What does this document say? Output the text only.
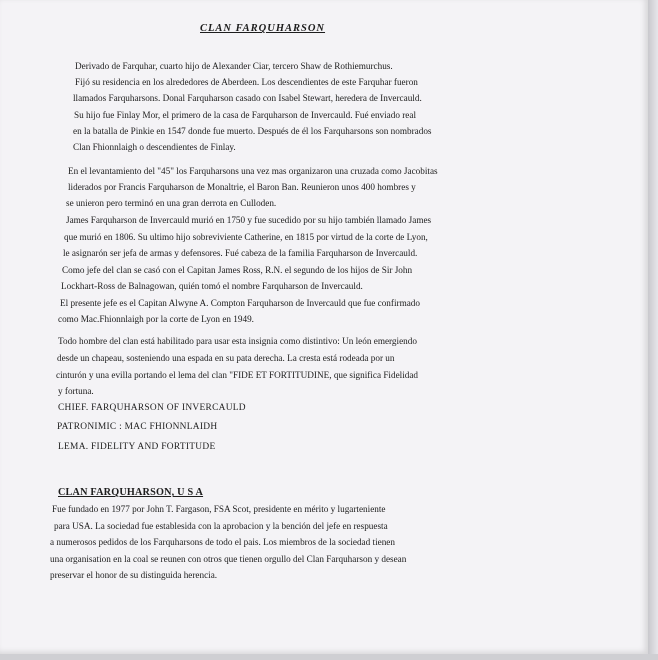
CLAN FARQUHARSON
Derivado de Farquhar, cuarto hijo de Alexander Ciar, tercero Shaw de Rothiemurchus.
Fijó su residencia en los alrededores de Aberdeen. Los descendientes de este Farquhar fueron
llamados Farquharsons. Donal Farquharson casado con Isabel Stewart, heredera de Invercauld.
Su hijo fue Finlay Mor, el primero de la casa de Farquharson de Invercauld. Fué enviado real
en la batalla de Pinkie en 1547 donde fue muerto. Después de él los Farquharsons son nombrados
Clan Fhionnlaigh o descendientes de Finlay.
En el levantamiento del "45" los Farquharsons una vez mas organizaron una cruzada como Jacobitas
liderados por Francis Farquharson de Monaltrie, el Baron Ban. Reunieron unos 400 hombres y
se unieron pero terminó en una gran derrota en Culloden.
James Farquharson de Invercauld murió en 1750 y fue sucedido por su hijo también llamado James
que murió en 1806. Su ultimo hijo sobreviviente Catherine, en 1815 por virtud de la corte de Lyon,
le asignarón ser jefa de armas y defensores. Fué cabeza de la familia Farquharson de Invercauld.
Como jefe del clan se casó con el Capitan James Ross, R.N. el segundo de los hijos de Sir John
Lockhart-Ross de Balnagowan, quién tomó el nombre Farquharson de Invercauld.
El presente jefe es el Capitan Alwyne A. Compton Farquharson de Invercauld que fue confirmado
como Mac.Fhionnlaigh por la corte de Lyon en 1949.
Todo hombre del clan está habilitado para usar esta insignia como distintivo: Un león emergiendo
desde un chapeau, sosteniendo una espada en su pata derecha. La cresta está rodeada por un
cinturón y una evilla portando el lema del clan "FIDE ET FORTITUDINE, que significa Fidelidad
y fortuna.
CHIEF. FARQUHARSON OF INVERCAULD
PATRONIMIC : MAC FHIONNLAIDH
LEMA. FIDELITY AND FORTITUDE
CLAN FARQUHARSON, U S A
Fue fundado en 1977 por John T. Fargason, FSA Scot, presidente en mérito y lugarteniente
para USA. La sociedad fue establesida con la aprobacion y la bención del jefe en respuesta
a numerosos pedidos de los Farquharsons de todo el pais. Los miembros de la sociedad tienen
una organisation en la coal se reunen con otros que tienen orgullo del Clan Farquharson y desean
preservar el honor de su distinguida herencia.
